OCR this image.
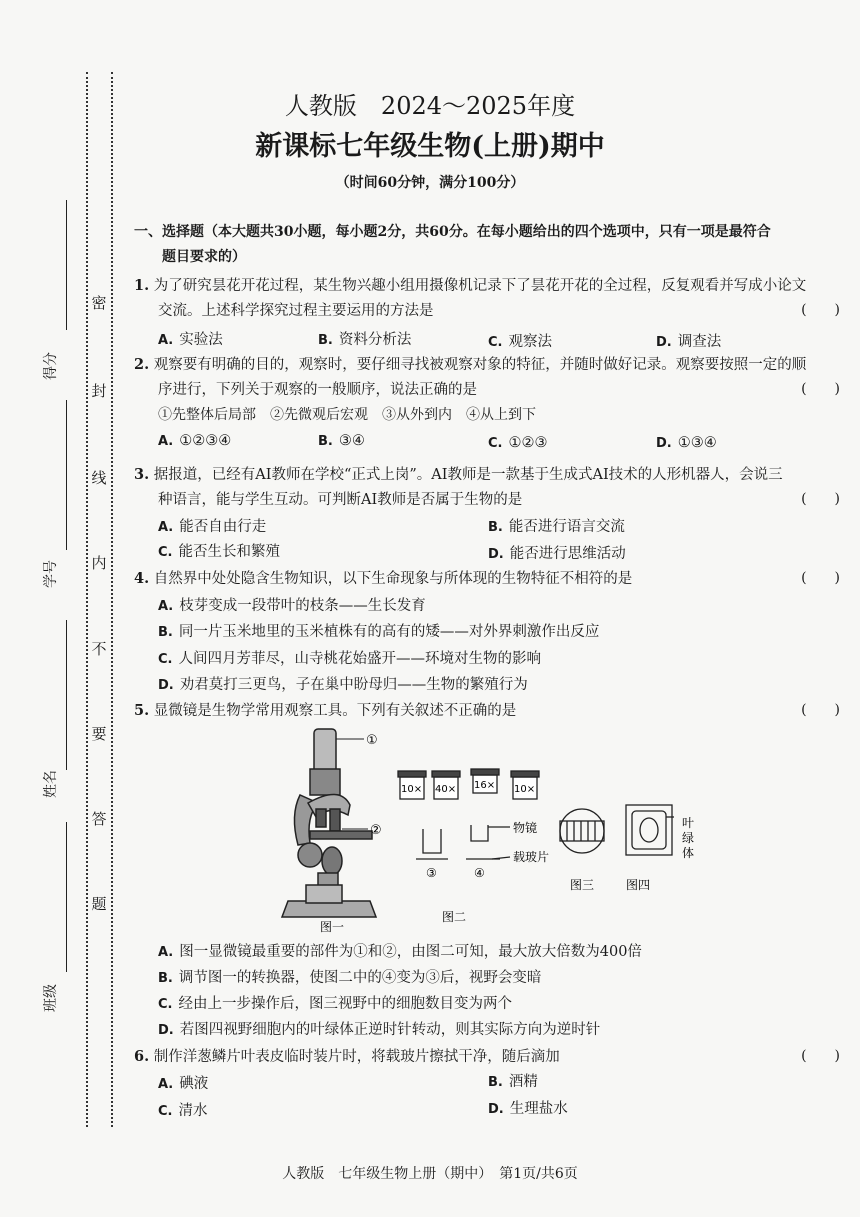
密
封
线
内
不
要
答
题
得分
学号
姓名
班级
人教版　2024～2025年度
新课标七年级生物(上册)期中
（时间60分钟，满分100分）
一、选择题（本大题共30小题，每小题2分，共60分。在每小题给出的四个选项中，只有一项是最符合
题目要求的）
1. 为了研究昙花开花过程，某生物兴趣小组用摄像机记录下了昙花开花的全过程，反复观看并写成小论文
交流。上述科学探究过程主要运用的方法是	(　　)
A. 实验法	B. 资料分析法	C. 观察法	D. 调查法
2. 观察要有明确的目的，观察时，要仔细寻找被观察对象的特征，并随时做好记录。观察要按照一定的顺
序进行，下列关于观察的一般顺序，说法正确的是
①先整体后局部　②先微观后宏观　③从外到内　④从上到下
(　　)
A. ①②③④	B. ③④	C. ①②③	D. ①③④
3. 据报道，已经有AI教师在学校“正式上岗”。AI教师是一款基于生成式AI技术的人形机器人，会说三
种语言，能与学生互动。可判断AI教师是否属于生物的是	(　　)
A. 能否自由行走	B. 能否进行语言交流
C. 能否生长和繁殖	D. 能否进行思维活动
4. 自然界中处处隐含生物知识，以下生命现象与所体现的生物特征不相符的是	(　　)
A. 枝芽变成一段带叶的枝条——生长发育
B. 同一片玉米地里的玉米植株有的高有的矮——对外界刺激作出反应
C. 人间四月芳菲尽，山寺桃花始盛开——环境对生物的影响
D. 劝君莫打三更鸟，子在巢中盼母归——生物的繁殖行为
5. 显微镜是生物学常用观察工具。下列有关叙述不正确的是	(　　)
①
②
图一
10× 40× 16× 10×
物镜
载玻片
③	④
图二
图三
叶
绿
体
图四
A. 图一显微镜最重要的部件为①和②，由图二可知，最大放大倍数为400倍
B. 调节图一的转换器，使图二中的④变为③后，视野会变暗
C. 经由上一步操作后，图三视野中的细胞数目变为两个
D. 若图四视野细胞内的叶绿体正逆时针转动，则其实际方向为逆时针
6. 制作洋葱鳞片叶表皮临时装片时，将载玻片擦拭干净，随后滴加	(　　)
A. 碘液	B. 酒精
C. 清水	D. 生理盐水
人教版　七年级生物上册（期中）　第1页/共6页
